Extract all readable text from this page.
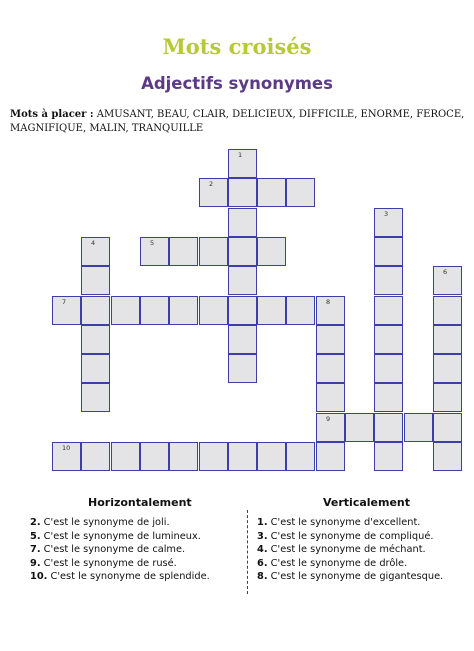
Mots croisés
Adjectifs synonymes
Mots à placer : AMUSANT, BEAU, CLAIR, DELICIEUX, DIFFICILE, ENORME, FEROCE, MAGNIFIQUE, MALIN, TRANQUILLE
1
2
3
4	5
6
7	8
9
10
Horizontalement	Verticalement
2. C'est le synonyme de joli.
5. C'est le synonyme de lumineux.
7. C'est le synonyme de calme.
9. C'est le synonyme de rusé.
10. C'est le synonyme de splendide.
1. C'est le synonyme d'excellent.
3. C'est le synonyme de compliqué.
4. C'est le synonyme de méchant.
6. C'est le synonyme de drôle.
8. C'est le synonyme de gigantesque.
